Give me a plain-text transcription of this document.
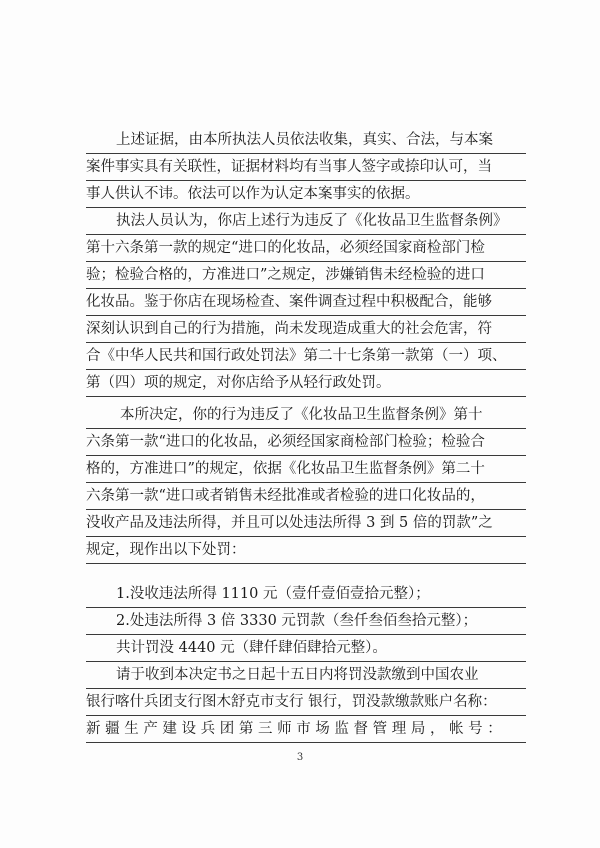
上述证据，由本所执法人员依法收集，真实、合法，与本案
案件事实具有关联性，证据材料均有当事人签字或捺印认可，当
事人供认不讳。依法可以作为认定本案事实的依据。
执法人员认为，你店上述行为违反了《化妆品卫生监督条例》
第十六条第一款的规定“进口的化妆品，必须经国家商检部门检
验；检验合格的，方准进口”之规定，涉嫌销售未经检验的进口
化妆品。鉴于你店在现场检查、案件调查过程中积极配合，能够
深刻认识到自己的行为措施，尚未发现造成重大的社会危害，符
合《中华人民共和国行政处罚法》第二十七条第一款第（一）项、
第（四）项的规定，对你店给予从轻行政处罚。
本所决定，你的行为违反了《化妆品卫生监督条例》第十
六条第一款“进口的化妆品，必须经国家商检部门检验；检验合
格的，方准进口”的规定，依据《化妆品卫生监督条例》第二十
六条第一款“进口或者销售未经批准或者检验的进口化妆品的，
没收产品及违法所得，并且可以处违法所得 3 到 5 倍的罚款”之
规定，现作出以下处罚：
1.没收违法所得 1110 元（壹仟壹佰壹拾元整）；
2.处违法所得 3 倍 3330 元罚款（叁仟叁佰叁拾元整）；
共计罚没 4440 元（肆仟肆佰肆拾元整）。
请于收到本决定书之日起十五日内将罚没款缴到中国农业
银行喀什兵团支行图木舒克市支行 银行，罚没款缴款账户名称：
新 疆 生 产 建 设 兵 团 第 三 师 市 场 监 督 管 理 局 ， 帐 号 ：
3
